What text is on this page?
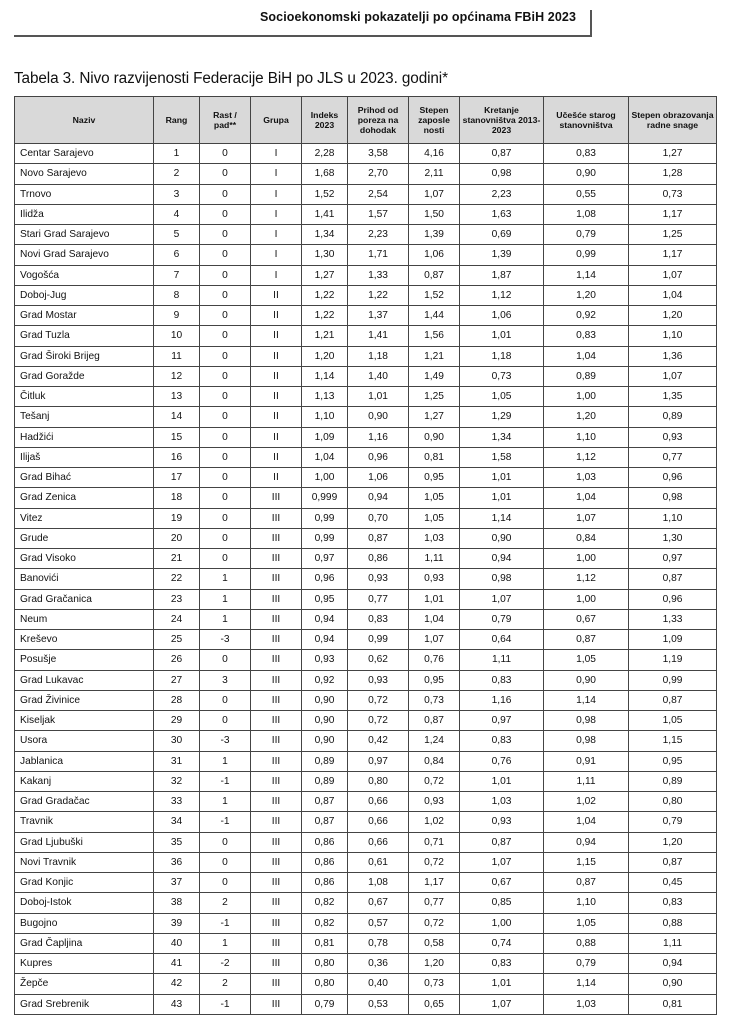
Socioekonomski pokazatelji po općinama FBiH 2023
Tabela 3. Nivo razvijenosti Federacije BiH po JLS u 2023. godini*
Naziv	Rang	Rast / pad**	Grupa	Indeks 2023	Prihod od poreza na dohodak	Stepen zaposle nosti	Kretanje stanovništva 2013-2023	Učešće starog stanovništva	Stepen obrazovanja radne snage
Centar Sarajevo	1	0	I	2,28	3,58	4,16	0,87	0,83	1,27
Novo Sarajevo	2	0	I	1,68	2,70	2,11	0,98	0,90	1,28
Trnovo	3	0	I	1,52	2,54	1,07	2,23	0,55	0,73
Ilidža	4	0	I	1,41	1,57	1,50	1,63	1,08	1,17
Stari Grad Sarajevo	5	0	I	1,34	2,23	1,39	0,69	0,79	1,25
Novi Grad Sarajevo	6	0	I	1,30	1,71	1,06	1,39	0,99	1,17
Vogošća	7	0	I	1,27	1,33	0,87	1,87	1,14	1,07
Doboj-Jug	8	0	II	1,22	1,22	1,52	1,12	1,20	1,04
Grad Mostar	9	0	II	1,22	1,37	1,44	1,06	0,92	1,20
Grad Tuzla	10	0	II	1,21	1,41	1,56	1,01	0,83	1,10
Grad Široki Brijeg	11	0	II	1,20	1,18	1,21	1,18	1,04	1,36
Grad Goražde	12	0	II	1,14	1,40	1,49	0,73	0,89	1,07
Čitluk	13	0	II	1,13	1,01	1,25	1,05	1,00	1,35
Tešanj	14	0	II	1,10	0,90	1,27	1,29	1,20	0,89
Hadžići	15	0	II	1,09	1,16	0,90	1,34	1,10	0,93
Ilijaš	16	0	II	1,04	0,96	0,81	1,58	1,12	0,77
Grad Bihać	17	0	II	1,00	1,06	0,95	1,01	1,03	0,96
Grad Zenica	18	0	III	0,999	0,94	1,05	1,01	1,04	0,98
Vitez	19	0	III	0,99	0,70	1,05	1,14	1,07	1,10
Grude	20	0	III	0,99	0,87	1,03	0,90	0,84	1,30
Grad Visoko	21	0	III	0,97	0,86	1,11	0,94	1,00	0,97
Banovići	22	1	III	0,96	0,93	0,93	0,98	1,12	0,87
Grad Gračanica	23	1	III	0,95	0,77	1,01	1,07	1,00	0,96
Neum	24	1	III	0,94	0,83	1,04	0,79	0,67	1,33
Kreševo	25	-3	III	0,94	0,99	1,07	0,64	0,87	1,09
Posušje	26	0	III	0,93	0,62	0,76	1,11	1,05	1,19
Grad Lukavac	27	3	III	0,92	0,93	0,95	0,83	0,90	0,99
Grad Živinice	28	0	III	0,90	0,72	0,73	1,16	1,14	0,87
Kiseljak	29	0	III	0,90	0,72	0,87	0,97	0,98	1,05
Usora	30	-3	III	0,90	0,42	1,24	0,83	0,98	1,15
Jablanica	31	1	III	0,89	0,97	0,84	0,76	0,91	0,95
Kakanj	32	-1	III	0,89	0,80	0,72	1,01	1,11	0,89
Grad Gradačac	33	1	III	0,87	0,66	0,93	1,03	1,02	0,80
Travnik	34	-1	III	0,87	0,66	1,02	0,93	1,04	0,79
Grad Ljubuški	35	0	III	0,86	0,66	0,71	0,87	0,94	1,20
Novi Travnik	36	0	III	0,86	0,61	0,72	1,07	1,15	0,87
Grad Konjic	37	0	III	0,86	1,08	1,17	0,67	0,87	0,45
Doboj-Istok	38	2	III	0,82	0,67	0,77	0,85	1,10	0,83
Bugojno	39	-1	III	0,82	0,57	0,72	1,00	1,05	0,88
Grad Čapljina	40	1	III	0,81	0,78	0,58	0,74	0,88	1,11
Kupres	41	-2	III	0,80	0,36	1,20	0,83	0,79	0,94
Žepče	42	2	III	0,80	0,40	0,73	1,01	1,14	0,90
Grad Srebrenik	43	-1	III	0,79	0,53	0,65	1,07	1,03	0,81
